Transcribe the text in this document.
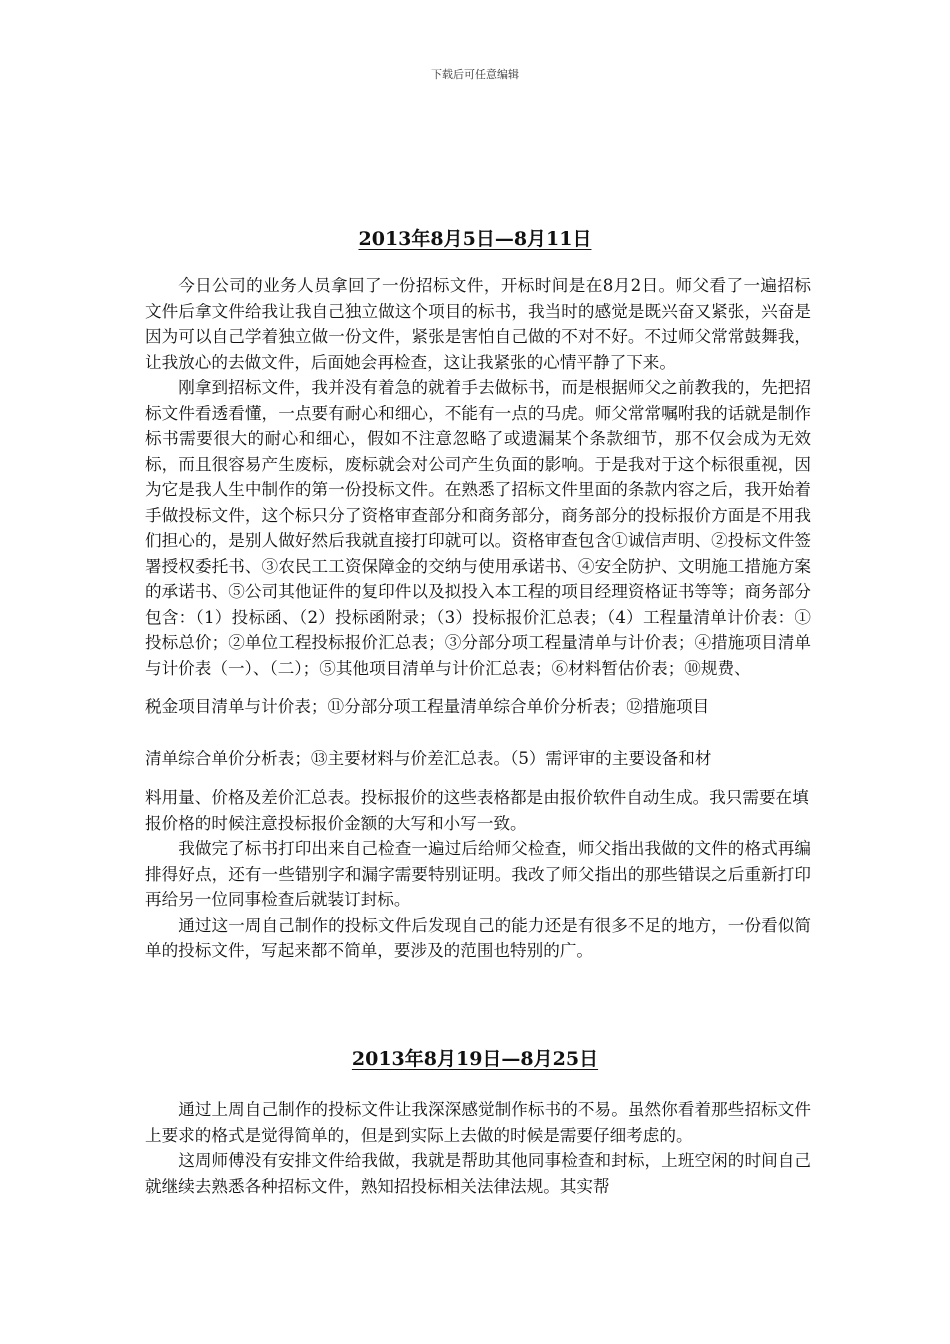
下载后可任意编辑
2013年8月5日—8月11日

今日公司的业务人员拿回了一份招标文件，开标时间是在8月2日。师父看了一遍招标文件后拿文件给我让我自己独立做这个项目的标书，我当时的感觉是既兴奋又紧张，兴奋是因为可以自己学着独立做一份文件，紧张是害怕自己做的不对不好。不过师父常常鼓舞我，让我放心的去做文件，后面她会再检查，这让我紧张的心情平静了下来。

刚拿到招标文件，我并没有着急的就着手去做标书，而是根据师父之前教我的，先把招标文件看透看懂，一点要有耐心和细心，不能有一点的马虎。师父常常嘱咐我的话就是制作标书需要很大的耐心和细心，假如不注意忽略了或遗漏某个条款细节，那不仅会成为无效标，而且很容易产生废标，废标就会对公司产生负面的影响。于是我对于这个标很重视，因为它是我人生中制作的第一份投标文件。在熟悉了招标文件里面的条款内容之后，我开始着手做投标文件，这个标只分了资格审查部分和商务部分，商务部分的投标报价方面是不用我们担心的，是别人做好然后我就直接打印就可以。资格审查包含①诚信声明、②投标文件签署授权委托书、③农民工工资保障金的交纳与使用承诺书、④安全防护、文明施工措施方案的承诺书、⑤公司其他证件的复印件以及拟投入本工程的项目经理资格证书等等；商务部分包含：（1）投标函、（2）投标函附录；（3）投标报价汇总表；（4）工程量清单计价表：①投标总价；②单位工程投标报价汇总表；③分部分项工程量清单与计价表；④措施项目清单与计价表（一）、（二）；⑤其他项目清单与计价汇总表；⑥材料暂估价表；⑩规费、

税金项目清单与计价表；⑪分部分项工程量清单综合单价分析表；⑫措施项目
清单综合单价分析表；⑬主要材料与价差汇总表。（5）需评审的主要设备和材
料用量、价格及差价汇总表。投标报价的这些表格都是由报价软件自动生成。我只需要在填报价格的时候注意投标报价金额的大写和小写一致。

我做完了标书打印出来自己检查一遍过后给师父检查，师父指出我做的文件的格式再编排得好点，还有一些错别字和漏字需要特别证明。我改了师父指出的那些错误之后重新打印再给另一位同事检查后就装订封标。

通过这一周自己制作的投标文件后发现自己的能力还是有很多不足的地方，一份看似简单的投标文件，写起来都不简单，要涉及的范围也特别的广。

2013年8月19日—8月25日

通过上周自己制作的投标文件让我深深感觉制作标书的不易。虽然你看着那些招标文件上要求的格式是觉得简单的，但是到实际上去做的时候是需要仔细考虑的。

这周师傅没有安排文件给我做，我就是帮助其他同事检查和封标，上班空闲的时间自己就继续去熟悉各种招标文件，熟知招投标相关法律法规。其实帮
